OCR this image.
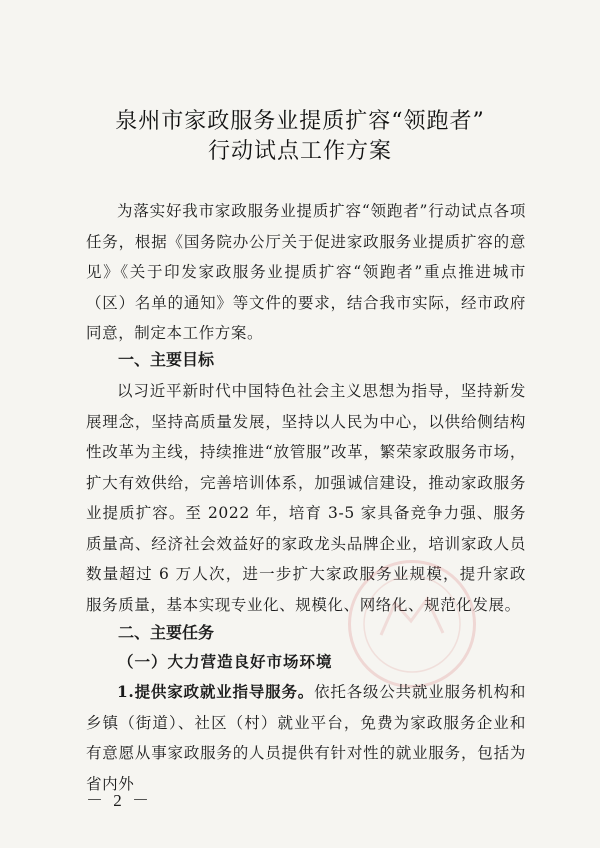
泉州市家政服务业提质扩容“领跑者”
行动试点工作方案
为落实好我市家政服务业提质扩容“领跑者”行动试点各项任务，根据《国务院办公厅关于促进家政服务业提质扩容的意见》《关于印发家政服务业提质扩容“领跑者”重点推进城市（区）名单的通知》等文件的要求，结合我市实际，经市政府同意，制定本工作方案。
一、主要目标
以习近平新时代中国特色社会主义思想为指导，坚持新发展理念，坚持高质量发展，坚持以人民为中心，以供给侧结构性改革为主线，持续推进“放管服”改革，繁荣家政服务市场，扩大有效供给，完善培训体系，加强诚信建设，推动家政服务业提质扩容。至 2022 年，培育 3-5 家具备竞争力强、服务质量高、经济社会效益好的家政龙头品牌企业，培训家政人员数量超过 6 万人次，进一步扩大家政服务业规模，提升家政服务质量，基本实现专业化、规模化、网络化、规范化发展。
二、主要任务
（一）大力营造良好市场环境
1.提供家政就业指导服务。依托各级公共就业服务机构和乡镇（街道）、社区（村）就业平台，免费为家政服务企业和有意愿从事家政服务的人员提供有针对性的就业服务，包括为省内外
－ 2 －
